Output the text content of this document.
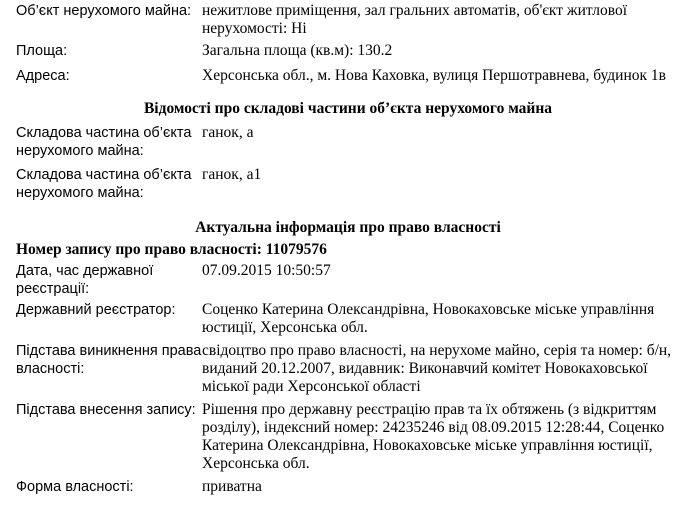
Об’єкт нерухомого майна: нежитлове приміщення, зал гральних автоматів, об'єкт житлової нерухомості: Ні
Площа:	Загальна площа (кв.м): 130.2
Адреса:	Херсонська обл., м. Нова Каховка, вулиця Першотравнева, будинок 1в
Відомості про складові частини об’єкта нерухомого майна
Складова частина об’єкта нерухомого майна:
ганок, а
Складова частина об’єкта нерухомого майна:
ганок, а1
Актуальна інформація про право власності
Номер запису про право власності: 11079576
Дата, час державної реєстрації:
07.09.2015 10:50:57
Державний реєстратор:	Соценко Катерина Олександрівна, Новокаховське міське управління юстиції, Херсонська обл.
Підстава виникнення права власності:
свідоцтво про право власності, на нерухоме майно, серія та номер: б/н, виданий 20.12.2007, видавник: Виконавчий комітет Новокаховської міської ради Херсонської області
Підстава внесення запису: Рішення про державну реєстрацію прав та їх обтяжень (з відкриттям розділу), індексний номер: 24235246 від 08.09.2015 12:28:44, Соценко Катерина Олександрівна, Новокаховське міське управління юстиції, Херсонська обл.
Форма власності:	приватна
